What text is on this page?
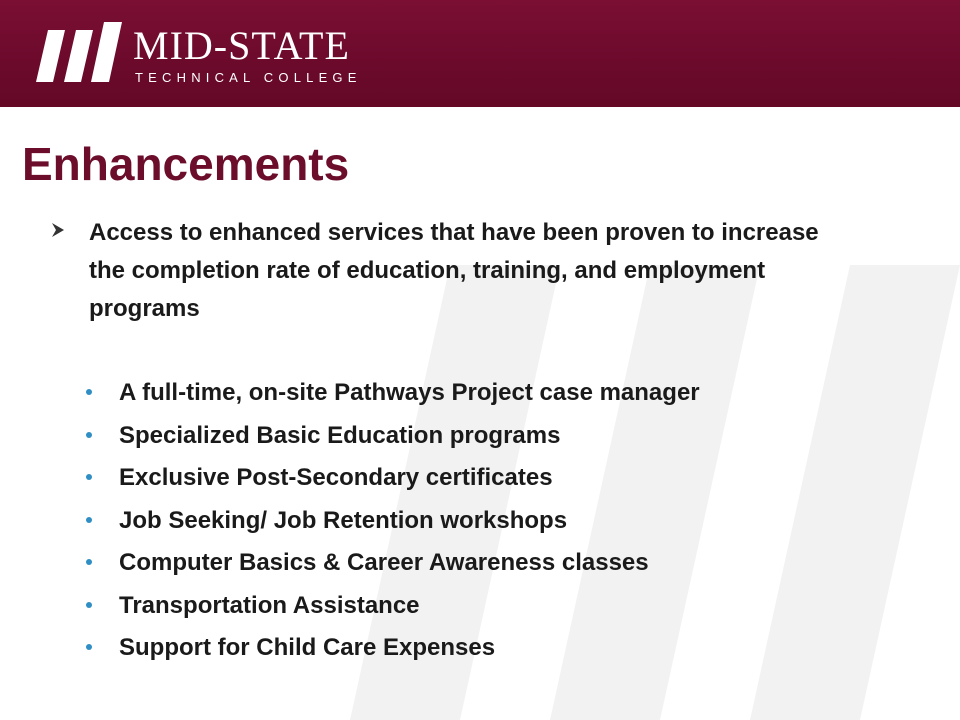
MID-STATE
TECHNICAL COLLEGE
Enhancements
Access to enhanced services that have been proven to increase the completion rate of education, training, and employment programs
A full-time, on-site Pathways Project case manager
Specialized Basic Education programs
Exclusive Post-Secondary certificates
Job Seeking/ Job Retention workshops
Computer Basics & Career Awareness classes
Transportation Assistance
Support for Child Care Expenses
